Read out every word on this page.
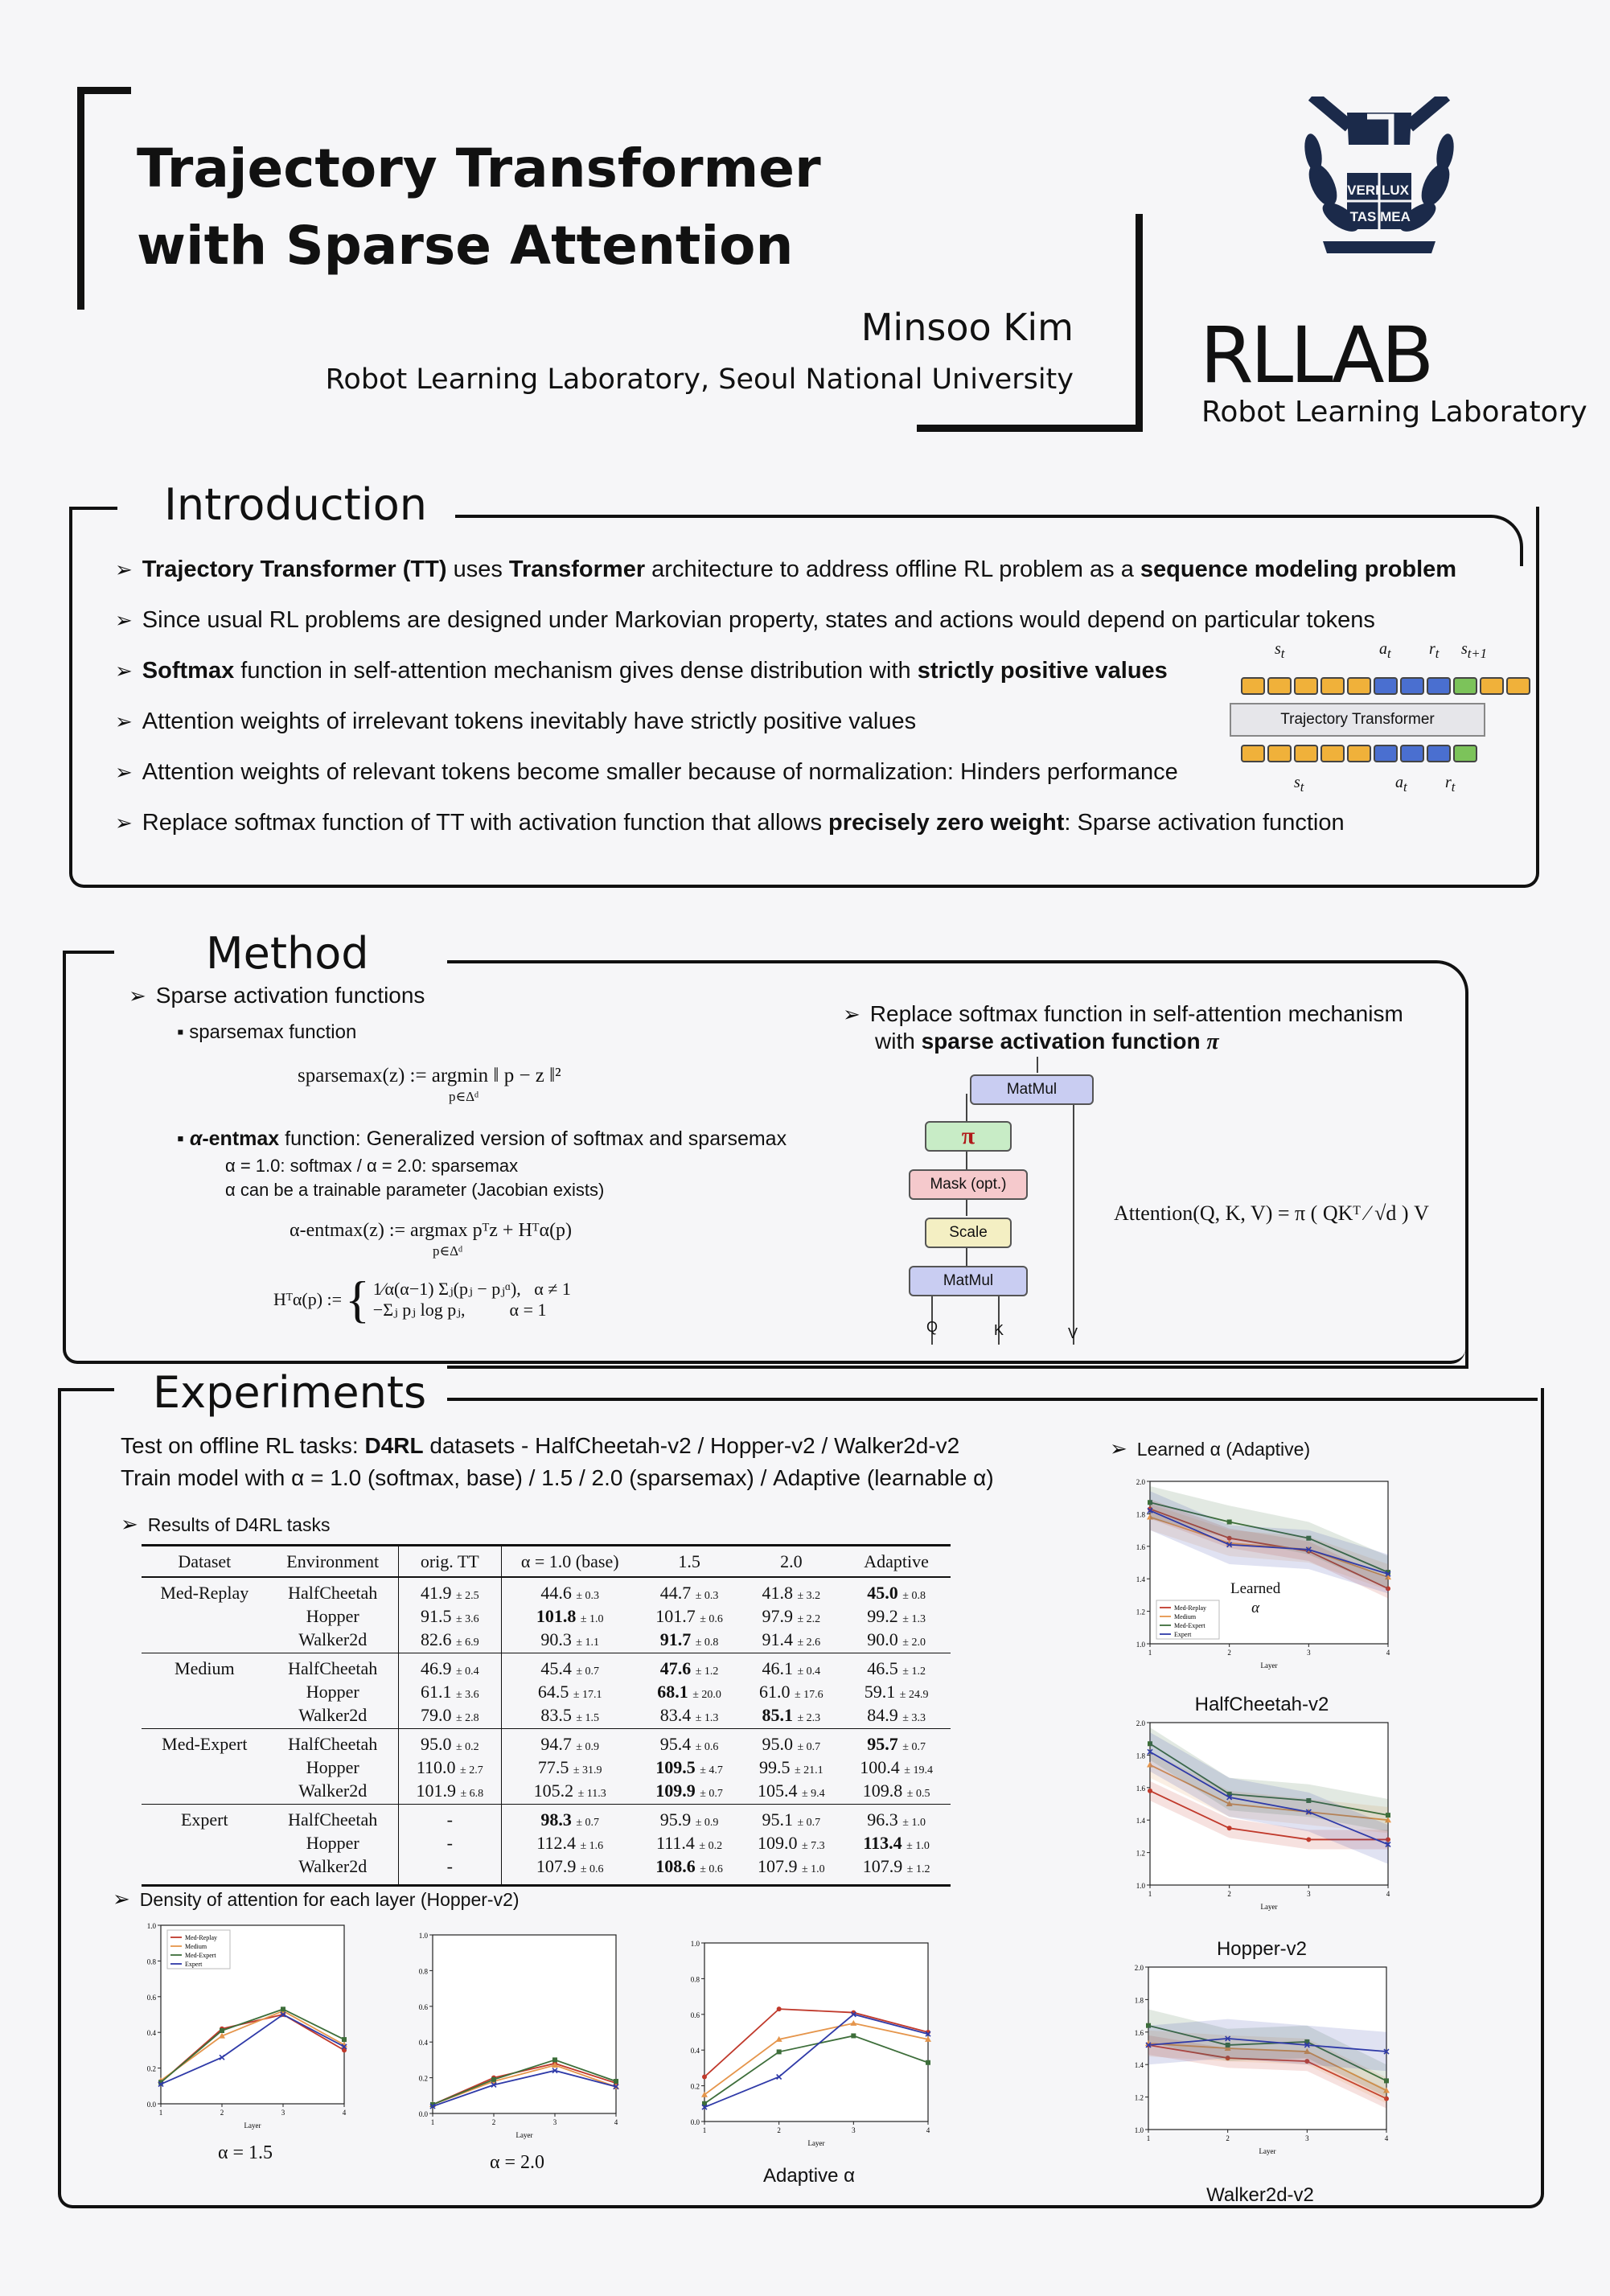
Trajectory Transformer
with Sparse Attention
Minsoo Kim
Robot Learning Laboratory, Seoul National University
VERI LUX
TAS MEA
RLLAB
Robot Learning Laboratory
Introduction
➢ Trajectory Transformer (TT) uses Transformer architecture to address offline RL problem as a sequence modeling problem
➢ Since usual RL problems are designed under Markovian property, states and actions would depend on particular tokens
➢ Softmax function in self-attention mechanism gives dense distribution with strictly positive values
➢ Attention weights of irrelevant tokens inevitably have strictly positive values
➢ Attention weights of relevant tokens become smaller because of normalization: Hinders performance
➢ Replace softmax function of TT with activation function that allows precisely zero weight: Sparse activation function
$s_t$	$a_t$ $r_t$ $s_{t+1}$
Trajectory Transformer
$s_t$	$a_t$ $r_t$
Method
➢ Sparse activation functions
▪ sparsemax function
sparsemax(z) := argmin ‖ p − z ‖²
p∈Δᵈ
▪ α-entmax function: Generalized version of softmax and sparsemax
α = 1.0: softmax / α = 2.0: sparsemax
α can be a trainable parameter (Jacobian exists)
α-entmax(z) := argmax pᵀz + Hᵀα(p)
p∈Δᵈ
Hᵀα(p) := { 1⁄α(α−1) Σⱼ(pⱼ − pⱼᵅ),   α ≠ 1
−Σⱼ pⱼ log pⱼ,          α = 1
➢ Replace softmax function in self-attention mechanism
with sparse activation function π
MatMul
π
Mask (opt.)
Scale
MatMul
Q	K	V
Attention(Q, K, V) = π ( QKᵀ ⁄ √d ) V
Experiments
Test on offline RL tasks: D4RL datasets - HalfCheetah-v2 / Hopper-v2 / Walker2d-v2
Train model with α = 1.0 (softmax, base) / 1.5 / 2.0 (sparsemax) / Adaptive (learnable α)
➢ Results of D4RL tasks
Dataset	Environment	orig. TT	α = 1.0 (base)	1.5	2.0	Adaptive
Med-Replay	HalfCheetah	41.9 ± 2.5	44.6 ± 0.3	44.7 ± 0.3	41.8 ± 3.2	45.0 ± 0.8
	Hopper	91.5 ± 3.6	101.8 ± 1.0	101.7 ± 0.6	97.9 ± 2.2	99.2 ± 1.3
	Walker2d	82.6 ± 6.9	90.3 ± 1.1	91.7 ± 0.8	91.4 ± 2.6	90.0 ± 2.0
Medium	HalfCheetah	46.9 ± 0.4	45.4 ± 0.7	47.6 ± 1.2	46.1 ± 0.4	46.5 ± 1.2
	Hopper	61.1 ± 3.6	64.5 ± 17.1	68.1 ± 20.0	61.0 ± 17.6	59.1 ± 24.9
	Walker2d	79.0 ± 2.8	83.5 ± 1.5	83.4 ± 1.3	85.1 ± 2.3	84.9 ± 3.3
Med-Expert	HalfCheetah	95.0 ± 0.2	94.7 ± 0.9	95.4 ± 0.6	95.0 ± 0.7	95.7 ± 0.7
	Hopper	110.0 ± 2.7	77.5 ± 31.9	109.5 ± 4.7	99.5 ± 21.1	100.4 ± 19.4
	Walker2d	101.9 ± 6.8	105.2 ± 11.3	109.9 ± 0.7	105.4 ± 9.4	109.8 ± 0.5
Expert	HalfCheetah	-	98.3 ± 0.7	95.9 ± 0.9	95.1 ± 0.7	96.3 ± 1.0
	Hopper	-	112.4 ± 1.6	111.4 ± 0.2	109.0 ± 7.3	113.4 ± 1.0
	Walker2d	-	107.9 ± 0.6	108.6 ± 0.6	107.9 ± 1.0	107.9 ± 1.2
➢ Density of attention for each layer (Hopper-v2)
➢ Learned α (Adaptive)
0.0
0.2
0.4
0.6
0.8
1.0
1	2	3	4
Layer
Med-Replay
Medium
Med-Expert
Expert
0.0
0.2
0.4
0.6
0.8
1.0
1	2	3	4
Layer
0.0
0.2
0.4
0.6
0.8
1.0
1	2	3	4
Layer
1.0
1.2
1.4
1.6
1.8
2.0
1	2	3	4
Layer
Med-Replay
Medium
Med-Expert
Expert
1.0
1.2
1.4
1.6
1.8
2.0
1	2	3	4
Layer
1.0
1.2
1.4
1.6
1.8
2.0
1	2	3	4
Layer
α = 1.5	α = 2.0
Adaptive α
HalfCheetah-v2
Hopper-v2
Walker2d-v2
Learned
α
